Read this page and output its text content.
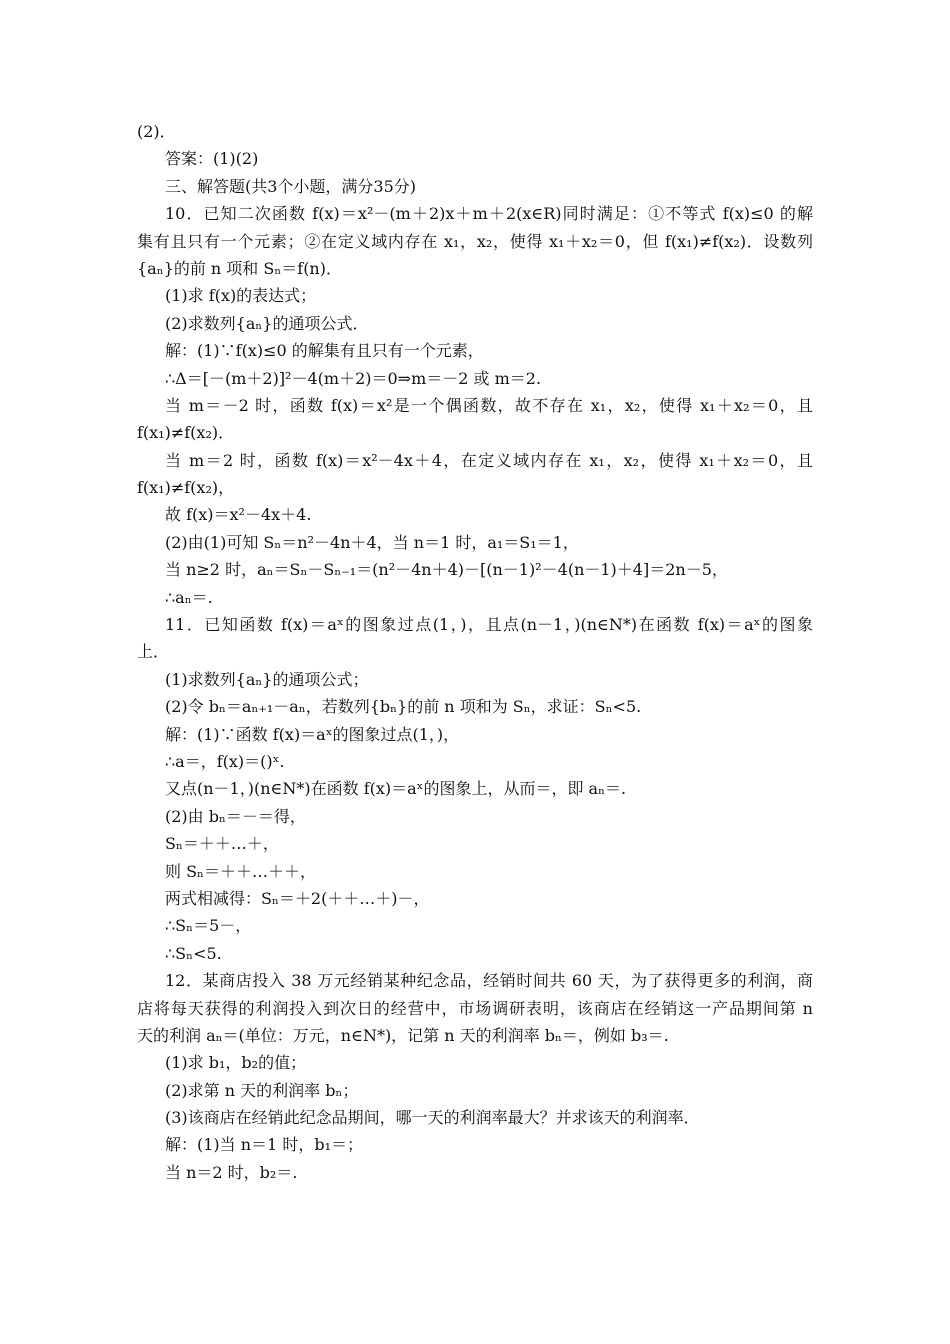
(2)．
答案：(1)(2)
三、解答题(共3个小题，满分35分)
10．已知二次函数 f(x)＝x²－(m＋2)x＋m＋2(x∈R)同时满足：①不等式 f(x)≤0 的解
集有且只有一个元素；②在定义域内存在 x₁，x₂，使得 x₁＋x₂＝0，但 f(x₁)≠f(x₂)．设数列
{aₙ}的前 n 项和 Sₙ＝f(n)．
(1)求 f(x)的表达式；
(2)求数列{aₙ}的通项公式．
解：(1)∵f(x)≤0 的解集有且只有一个元素，
∴Δ＝[－(m＋2)]²－4(m＋2)＝0⇒m＝－2 或 m＝2.
当 m＝－2 时，函数 f(x)＝x²是一个偶函数，故不存在 x₁，x₂，使得 x₁＋x₂＝0，且
f(x₁)≠f(x₂)．
当 m＝2 时，函数 f(x)＝x²－4x＋4，在定义域内存在 x₁，x₂，使得 x₁＋x₂＝0，且
f(x₁)≠f(x₂)，
故 f(x)＝x²－4x＋4.
(2)由(1)可知 Sₙ＝n²－4n＋4，当 n＝1 时，a₁＝S₁＝1，
当 n≥2 时，aₙ＝Sₙ－Sₙ₋₁＝(n²－4n＋4)－[(n－1)²－4(n－1)＋4]＝2n－5，
∴aₙ＝.
11．已知函数 f(x)＝aˣ的图象过点(1，)，且点(n－1，)(n∈N*)在函数 f(x)＝aˣ的图象
上．
(1)求数列{aₙ}的通项公式；
(2)令 bₙ＝aₙ₊₁－aₙ，若数列{bₙ}的前 n 项和为 Sₙ，求证：Sₙ<5.
解：(1)∵函数 f(x)＝aˣ的图象过点(1，)，
∴a＝，f(x)＝()ˣ.
又点(n－1，)(n∈N*)在函数 f(x)＝aˣ的图象上，从而＝，即 aₙ＝.
(2)由 bₙ＝－＝得，
Sₙ＝＋＋…＋，
则 Sₙ＝＋＋…＋＋，
两式相减得：Sₙ＝＋2(＋＋…＋)－，
∴Sₙ＝5－，
∴Sₙ<5.
12．某商店投入 38 万元经销某种纪念品，经销时间共 60 天，为了获得更多的利润，商
店将每天获得的利润投入到次日的经营中，市场调研表明，该商店在经销这一产品期间第 n
天的利润 aₙ＝(单位：万元，n∈N*)，记第 n 天的利润率 bₙ＝，例如 b₃＝.
(1)求 b₁，b₂的值；
(2)求第 n 天的利润率 bₙ；
(3)该商店在经销此纪念品期间，哪一天的利润率最大？并求该天的利润率．
解：(1)当 n＝1 时，b₁＝；
当 n＝2 时，b₂＝.
